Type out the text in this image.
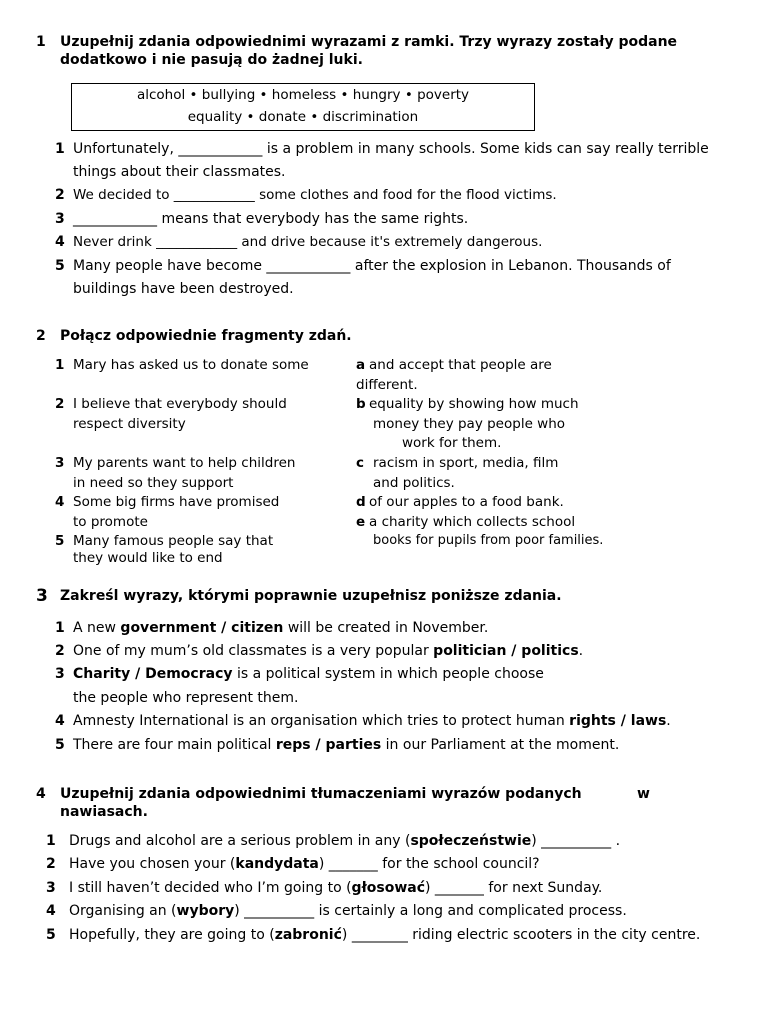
1 Uzupełnij zdania odpowiednimi wyrazami z ramki. Trzy wyrazy zostały podane
dodatkowo i nie pasują do żadnej luki.
alcohol • bullying • homeless • hungry • poverty
equality • donate • discrimination
1 Unfortunately, ____________ is a problem in many schools. Some kids can say really terrible
things about their classmates.
2 We decided to ____________ some clothes and food for the flood victims.
3 ____________ means that everybody has the same rights.
4 Never drink ____________ and drive because it's extremely dangerous.
5 Many people have become ____________ after the explosion in Lebanon. Thousands of
buildings have been destroyed.
2 Połącz odpowiednie fragmenty zdań.
1 Mary has asked us to donate some
2 I believe that everybody should
respect diversity
3 My parents want to help children
in need so they support
4 Some big firms have promised
to promote
5 Many famous people say that
they would like to end
a and accept that people are
different.
b equality by showing how much
money they pay people who
work for them.
c racism in sport, media, film
and politics.
d of our apples to a food bank.
e a charity which collects school
books for pupils from poor families.
3 Zakreśl wyrazy, którymi poprawnie uzupełnisz poniższe zdania.
1 A new government / citizen will be created in November.
2 One of my mum’s old classmates is a very popular politician / politics.
3 Charity / Democracy is a political system in which people choose
the people who represent them.
4 Amnesty International is an organisation which tries to protect human rights / laws.
5 There are four main political reps / parties in our Parliament at the moment.
4 Uzupełnij zdania odpowiednimi tłumaczeniami wyrazów podanych	w
nawiasach.
1 Drugs and alcohol are a serious problem in any (społeczeństwie) __________ .
2 Have you chosen your (kandydata) _______ for the school council?
3 I still haven’t decided who I’m going to (głosować) _______ for next Sunday.
4 Organising an (wybory) __________ is certainly a long and complicated process.
5 Hopefully, they are going to (zabronić) ________ riding electric scooters in the city centre.
